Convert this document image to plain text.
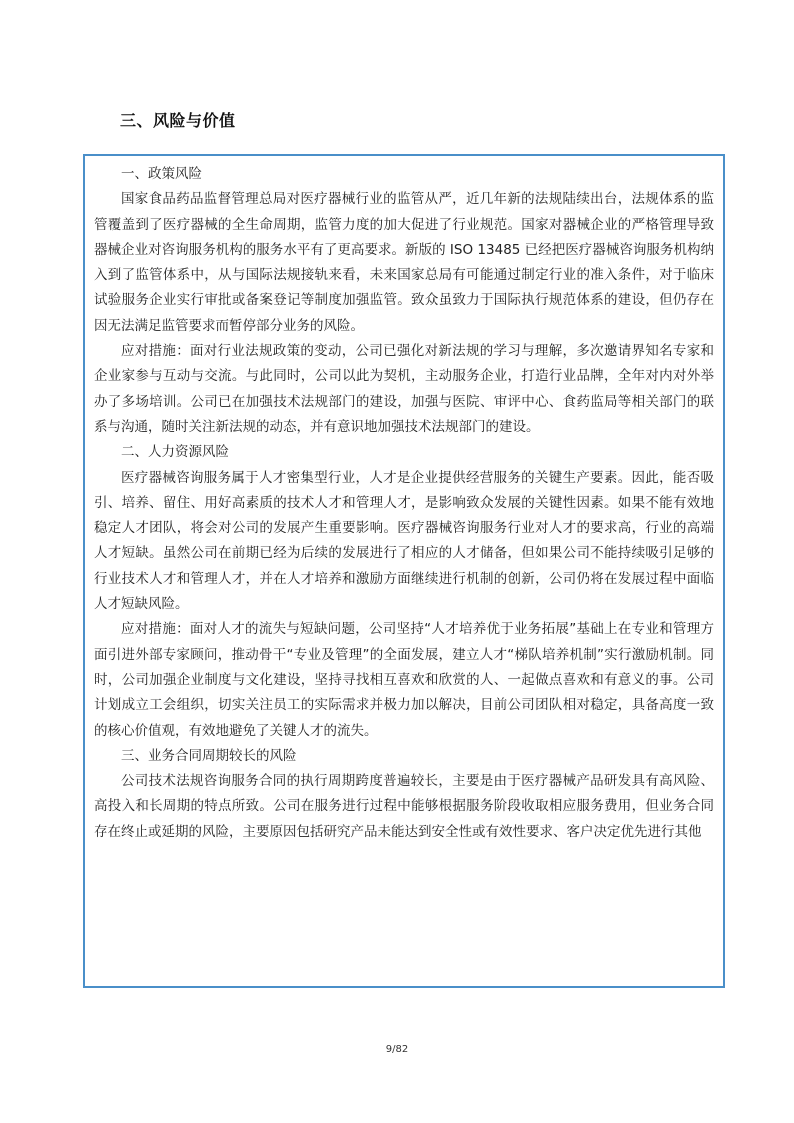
三、风险与价值

一、政策风险

国家食品药品监督管理总局对医疗器械行业的监管从严，近几年新的法规陆续出台，法规体系的监管覆盖到了医疗器械的全生命周期，监管力度的加大促进了行业规范。国家对器械企业的严格管理导致器械企业对咨询服务机构的服务水平有了更高要求。新版的 ISO 13485 已经把医疗器械咨询服务机构纳入到了监管体系中，从与国际法规接轨来看，未来国家总局有可能通过制定行业的准入条件，对于临床试验服务企业实行审批或备案登记等制度加强监管。致众虽致力于国际执行规范体系的建设，但仍存在因无法满足监管要求而暂停部分业务的风险。

应对措施：面对行业法规政策的变动，公司已强化对新法规的学习与理解，多次邀请界知名专家和企业家参与互动与交流。与此同时，公司以此为契机，主动服务企业，打造行业品牌，全年对内对外举办了多场培训。公司已在加强技术法规部门的建设，加强与医院、审评中心、食药监局等相关部门的联系与沟通，随时关注新法规的动态，并有意识地加强技术法规部门的建设。

二、人力资源风险

医疗器械咨询服务属于人才密集型行业，人才是企业提供经营服务的关键生产要素。因此，能否吸引、培养、留住、用好高素质的技术人才和管理人才，是影响致众发展的关键性因素。如果不能有效地稳定人才团队，将会对公司的发展产生重要影响。医疗器械咨询服务行业对人才的要求高，行业的高端人才短缺。虽然公司在前期已经为后续的发展进行了相应的人才储备，但如果公司不能持续吸引足够的行业技术人才和管理人才，并在人才培养和激励方面继续进行机制的创新，公司仍将在发展过程中面临人才短缺风险。

应对措施：面对人才的流失与短缺问题，公司坚持“人才培养优于业务拓展”基础上在专业和管理方面引进外部专家顾问，推动骨干“专业及管理”的全面发展，建立人才“梯队培养机制”实行激励机制。同时，公司加强企业制度与文化建设，坚持寻找相互喜欢和欣赏的人、一起做点喜欢和有意义的事。公司计划成立工会组织，切实关注员工的实际需求并极力加以解决，目前公司团队相对稳定，具备高度一致的核心价值观，有效地避免了关键人才的流失。

三、业务合同周期较长的风险

公司技术法规咨询服务合同的执行周期跨度普遍较长，主要是由于医疗器械产品研发具有高风险、高投入和长周期的特点所致。公司在服务进行过程中能够根据服务阶段收取相应服务费用，但业务合同存在终止或延期的风险，主要原因包括研究产品未能达到安全性或有效性要求、客户决定优先进行其他

9/82
